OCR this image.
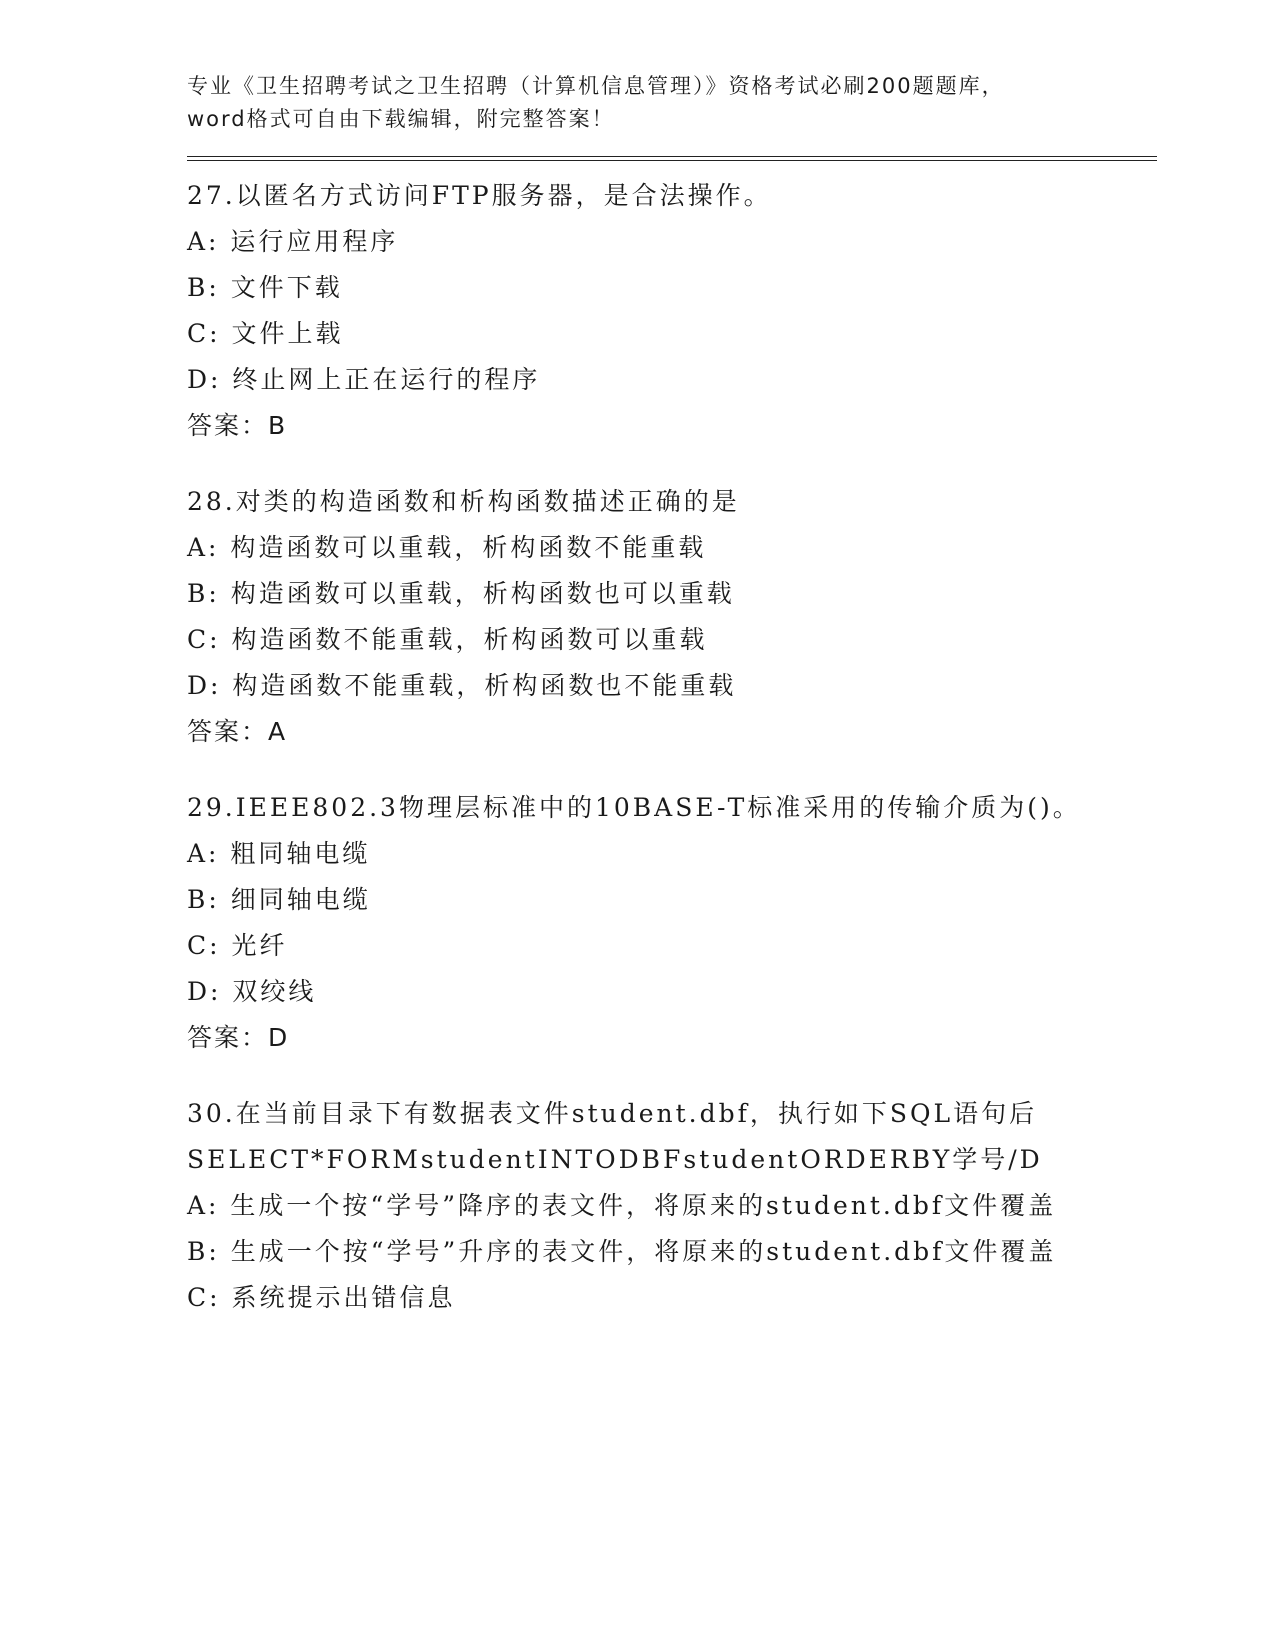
专业《卫生招聘考试之卫生招聘（计算机信息管理）》资格考试必刷200题题库，

word格式可自由下载编辑，附完整答案！

27.以匿名方式访问FTP服务器，是合法操作。
A: 运行应用程序
B: 文件下载
C: 文件上载
D: 终止网上正在运行的程序
答案：B
28.对类的构造函数和析构函数描述正确的是
A: 构造函数可以重载，析构函数不能重载
B: 构造函数可以重载，析构函数也可以重载
C: 构造函数不能重载，析构函数可以重载
D: 构造函数不能重载，析构函数也不能重载
答案：A
29.IEEE802.3物理层标准中的10BASE-T标准采用的传输介质为()。
A: 粗同轴电缆
B: 细同轴电缆
C: 光纤
D: 双绞线
答案：D
30.在当前目录下有数据表文件student.dbf，执行如下SQL语句后
SELECT*FORMstudentINTODBFstudentORDERBY学号/D
A: 生成一个按“学号”降序的表文件，将原来的student.dbf文件覆盖
B: 生成一个按“学号”升序的表文件，将原来的student.dbf文件覆盖
C: 系统提示出错信息
